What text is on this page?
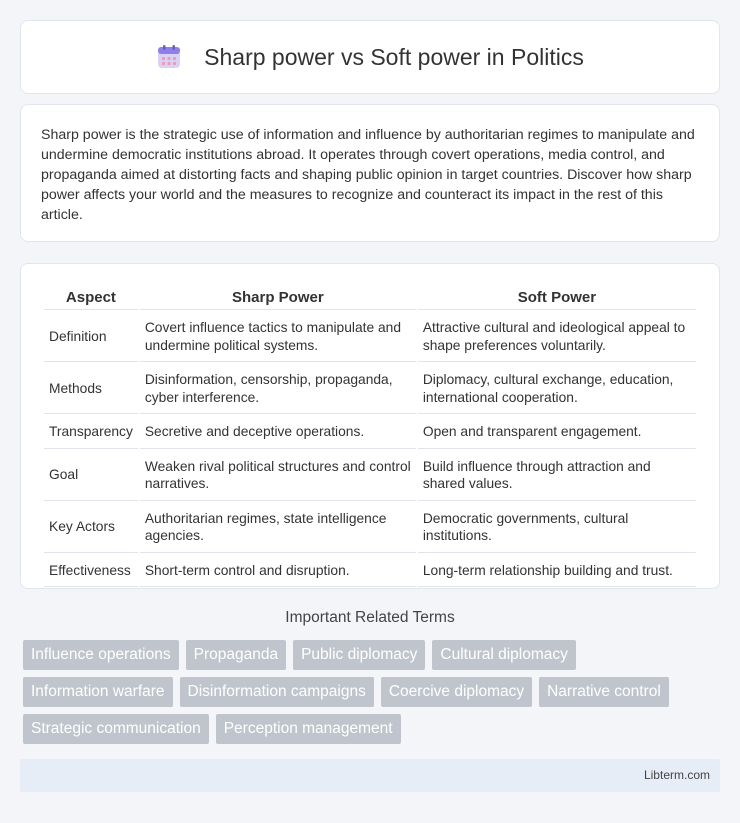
Sharp power vs Soft power in Politics

Sharp power is the strategic use of information and influence by authoritarian regimes to manipulate and undermine democratic institutions abroad. It operates through covert operations, media control, and propaganda aimed at distorting facts and shaping public opinion in target countries. Discover how sharp power affects your world and the measures to recognize and counteract its impact in the rest of this article.

Aspect	Sharp Power	Soft Power
Definition	Covert influence tactics to manipulate and undermine political systems.	Attractive cultural and ideological appeal to shape preferences voluntarily.
Methods	Disinformation, censorship, propaganda, cyber interference.	Diplomacy, cultural exchange, education, international cooperation.
Transparency	Secretive and deceptive operations.	Open and transparent engagement.
Goal	Weaken rival political structures and control narratives.	Build influence through attraction and shared values.
Key Actors	Authoritarian regimes, state intelligence agencies.	Democratic governments, cultural institutions.
Effectiveness	Short-term control and disruption.	Long-term relationship building and trust.
Important Related Terms
Influence operations	Propaganda	Public diplomacy	Cultural diplomacy
Information warfare	Disinformation campaigns	Coercive diplomacy	Narrative control
Strategic communication	Perception management
Libterm.com
